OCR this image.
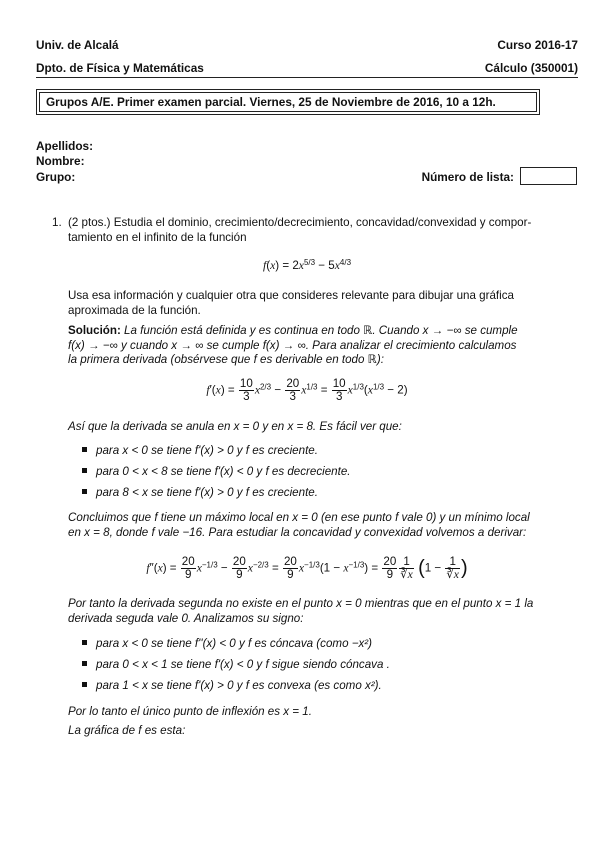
Univ. de Alcalá	Curso 2016-17
Dpto. de Física y Matemáticas	Cálculo (350001)
Grupos A/E. Primer examen parcial. Viernes, 25 de Noviembre de 2016, 10 a 12h.
Apellidos:
Nombre:
Grupo:	Número de lista:
1. (2 ptos.) Estudia el dominio, crecimiento/decrecimiento, concavidad/convexidad y compor-
tamiento en el infinito de la función
$f(x) = 2x^{5/3} - 5x^{4/3}$
Usa esa información y cualquier otra que consideres relevante para dibujar una gráfica
aproximada de la función.
Solución: La función está definida y es continua en todo ℝ. Cuando x → −∞ se cumple
f(x) → −∞ y cuando x → ∞ se cumple f(x) → ∞. Para analizar el crecimiento calculamos
la primera derivada (obsérvese que f es derivable en todo ℝ):
$f'(x) = \frac{10}{3} x^{2/3} - \frac{20}{3} x^{1/3} = \frac{10}{3} x^{1/3}(x^{1/3} - 2)$
Así que la derivada se anula en x = 0 y en x = 8. Es fácil ver que:
para x < 0 se tiene f'(x) > 0 y f es creciente.
para 0 < x < 8 se tiene f'(x) < 0 y f es decreciente.
para 8 < x se tiene f'(x) > 0 y f es creciente.
Concluimos que f tiene un máximo local en x = 0 (en ese punto f vale 0) y un mínimo local
en x = 8, donde f vale −16. Para estudiar la concavidad y convexidad volvemos a derivar:
$f''(x) = \frac{20}{9} x^{-1/3} - \frac{20}{9} x^{-2/3} = \frac{20}{9} x^{-1/3}(1 - x^{-1/3}) = \frac{20}{9} \frac{1}{∛x} (1 - \frac{1}{∛x}$ )
Por tanto la derivada segunda no existe en el punto x = 0 mientras que en el punto x = 1 la
derivada seguda vale 0. Analizamos su signo:
para x < 0 se tiene f''(x) < 0 y f es cóncava (como −x²)
para 0 < x < 1 se tiene f'(x) < 0 y f sigue siendo cóncava .
para 1 < x se tiene f'(x) > 0 y f es convexa (es como x²).
Por lo tanto el único punto de inflexión es x = 1.
La gráfica de f es esta:
